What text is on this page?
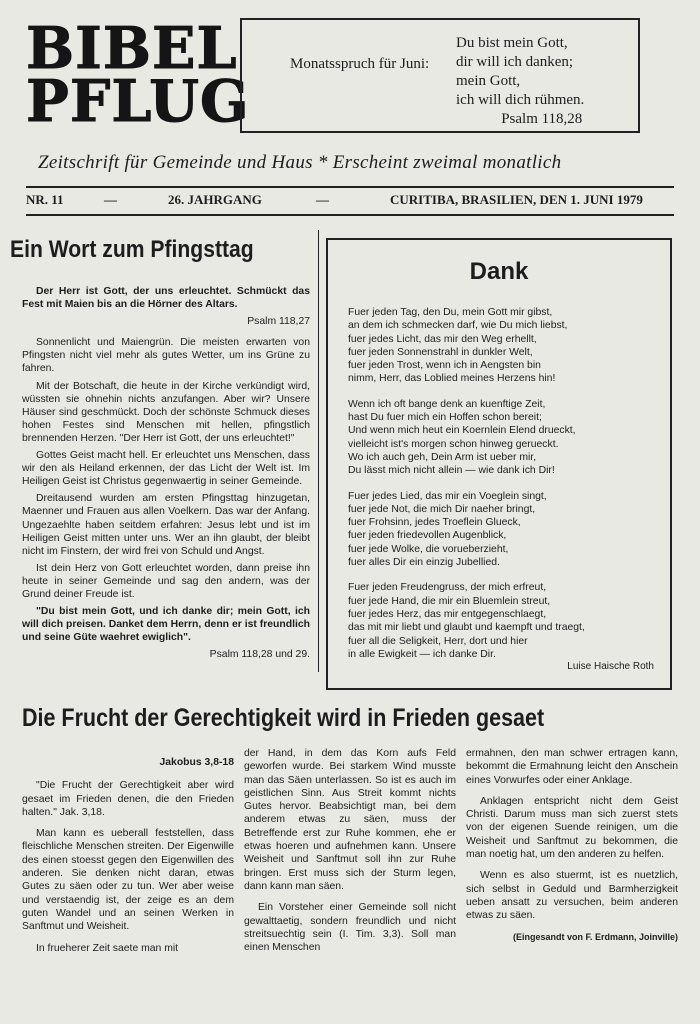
BIBEL
PFLUG
Monatsspruch für Juni:
Du bist mein Gott,
dir will ich danken;
mein Gott,
ich will dich rühmen.
Psalm 118,28
Zeitschrift für Gemeinde und Haus * Erscheint zweimal monatlich
NR. 11	—	26. JAHRGANG	—	CURITIBA, BRASILIEN, DEN 1. JUNI 1979
Ein Wort zum Pfingsttag

Der Herr ist Gott, der uns erleuchtet. Schmückt das Fest mit Maien bis an die Hörner des Altars.

Psalm 118,27

Sonnenlicht und Maiengrün. Die meisten erwarten von Pfingsten nicht viel mehr als gutes Wetter, um ins Grüne zu fahren.

Mit der Botschaft, die heute in der Kirche verkündigt wird, wüssten sie ohnehin nichts anzufangen. Aber wir? Unsere Häuser sind geschmückt. Doch der schönste Schmuck dieses hohen Festes sind Menschen mit hellen, pfingstlich brennenden Herzen. "Der Herr ist Gott, der uns erleuchtet!"

Gottes Geist macht hell. Er erleuchtet uns Menschen, dass wir den als Heiland erkennen, der das Licht der Welt ist. Im Heiligen Geist ist Christus gegenwaertig in seiner Gemeinde.

Dreitausend wurden am ersten Pfingsttag hinzugetan, Maenner und Frauen aus allen Voelkern. Das war der Anfang. Ungezaehlte haben seitdem erfahren: Jesus lebt und ist im Heiligen Geist mitten unter uns. Wer an ihn glaubt, der bleibt nicht im Finstern, der wird frei von Schuld und Angst.

Ist dein Herz von Gott erleuchtet worden, dann preise ihn heute in seiner Gemeinde und sag den andern, was der Grund deiner Freude ist.

"Du bist mein Gott, und ich danke dir; mein Gott, ich will dich preisen. Danket dem Herrn, denn er ist freundlich und seine Güte waehret ewiglich".

Psalm 118,28 und 29.

Dank
Fuer jeden Tag, den Du, mein Gott mir gibst,
an dem ich schmecken darf, wie Du mich liebst,
fuer jedes Licht, das mir den Weg erhellt,
fuer jeden Sonnenstrahl in dunkler Welt,
fuer jeden Trost, wenn ich in Aengsten bin
nimm, Herr, das Loblied meines Herzens hin!
Wenn ich oft bange denk an kuenftige Zeit,
hast Du fuer mich ein Hoffen schon bereit;
Und wenn mich heut ein Koernlein Elend drueckt,
vielleicht ist's morgen schon hinweg gerueckt.
Wo ich auch geh, Dein Arm ist ueber mir,
Du lässt mich nicht allein — wie dank ich Dir!
Fuer jedes Lied, das mir ein Voeglein singt,
fuer jede Not, die mich Dir naeher bringt,
fuer Frohsinn, jedes Troeflein Glueck,
fuer jeden friedevollen Augenblick,
fuer jede Wolke, die vorueberzieht,
fuer alles Dir ein einzig Jubellied.
Fuer jeden Freudengruss, der mich erfreut,
fuer jede Hand, die mir ein Bluemlein streut,
fuer jedes Herz, das mir entgegenschlaegt,
das mit mir liebt und glaubt und kaempft und traegt,
fuer all die Seligkeit, Herr, dort und hier
in alle Ewigkeit — ich danke Dir.
Luise Haische Roth
Die Frucht der Gerechtigkeit wird in Frieden gesaet

Jakobus 3,8-18

"Die Frucht der Gerechtigkeit aber wird gesaet im Frieden denen, die den Frieden halten." Jak. 3,18.

Man kann es ueberall feststellen, dass fleischliche Menschen streiten. Der Eigenwille des einen stoesst gegen den Eigenwillen des anderen. Sie denken nicht daran, etwas Gutes zu säen oder zu tun. Wer aber weise und verstaendig ist, der zeige es an dem guten Wandel und an seinen Werken in Sanftmut und Weisheit.

In frueherer Zeit saete man mit

der Hand, in dem das Korn aufs Feld geworfen wurde. Bei starkem Wind musste man das Säen unterlassen. So ist es auch im geistlichen Sinn. Aus Streit kommt nichts Gutes hervor. Beabsichtigt man, bei dem anderem etwas zu säen, muss der Betreffende erst zur Ruhe kommen, ehe er etwas hoeren und aufnehmen kann. Unsere Weisheit und Sanftmut soll ihn zur Ruhe bringen. Erst muss sich der Sturm legen, dann kann man säen.

Ein Vorsteher einer Gemeinde soll nicht gewalttaetig, sondern freundlich und nicht streitsuechtig sein (I. Tim. 3,3). Soll man einen Menschen

ermahnen, den man schwer ertragen kann, bekommt die Ermahnung leicht den Anschein eines Vorwurfes oder einer Anklage.

Anklagen entspricht nicht dem Geist Christi. Darum muss man sich zuerst stets von der eigenen Suende reinigen, um die Weisheit und Sanftmut zu bekommen, die man noetig hat, um den anderen zu helfen.

Wenn es also stuermt, ist es nuetzlich, sich selbst in Geduld und Barmherzigkeit ueben ansatt zu versuchen, beim anderen etwas zu säen.

(Eingesandt von F. Erdmann, Joinville)
